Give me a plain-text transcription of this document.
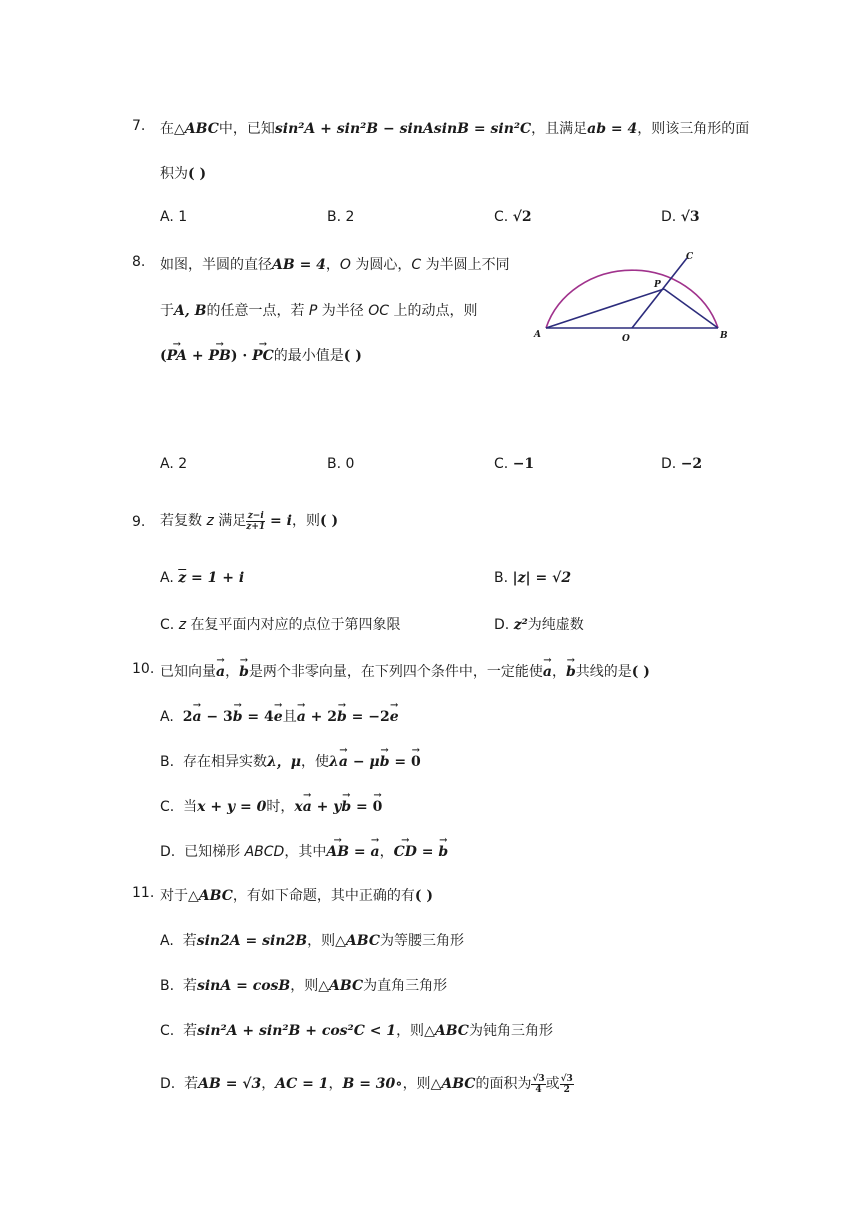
7. 在△ABC中，已知sin²A + sin²B − sinAsinB = sin²C，且满足ab = 4，则该三角形的面
积为( )
A. 1	B. 2	C. √2	D. √3
8. 如图，半圆的直径AB = 4，O 为圆心，C 为半圆上不同
于A, B的任意一点，若 P 为半径 OC 上的动点，则
(→ PA + → PB) · → PC的最小值是( )
A	B
C
O
P
A. 2	B. 0	C. −1	D. −2
9. 若复数 z 满足 $\frac{z-i}{z+1} = i$，则( )
A. $\overline{z} = 1 + i$	B. |z| = √2
C. z 在复平面内对应的点位于第四象限	D. z²为纯虚数
10. 已知向量→ a，→ b是两个非零向量，在下列四个条件中，一定能使→ a，→ b共线的是( )
A. 2→ a − 3→ b = 4→ e且→ a + 2→ b = −2→ e
B. 存在相异实数λ，μ，使λ→ a − μ→ b = → 0
C. 当x + y = 0时，x→ a + y→ b = → 0
D. 已知梯形 ABCD，其中→ AB = → a，→ CD = → b
11. 对于△ABC，有如下命题，其中正确的有( )
A. 若sin2A = sin2B，则△ABC为等腰三角形
B. 若sinA = cosB，则△ABC为直角三角形
C. 若sin²A + sin²B + cos²C < 1，则△ABC为钝角三角形
D. 若AB = √3，AC = 1，B = 30∘，则△ABC的面积为 $\frac{√3}{4}$ 或 $\frac{√3}{2}$
